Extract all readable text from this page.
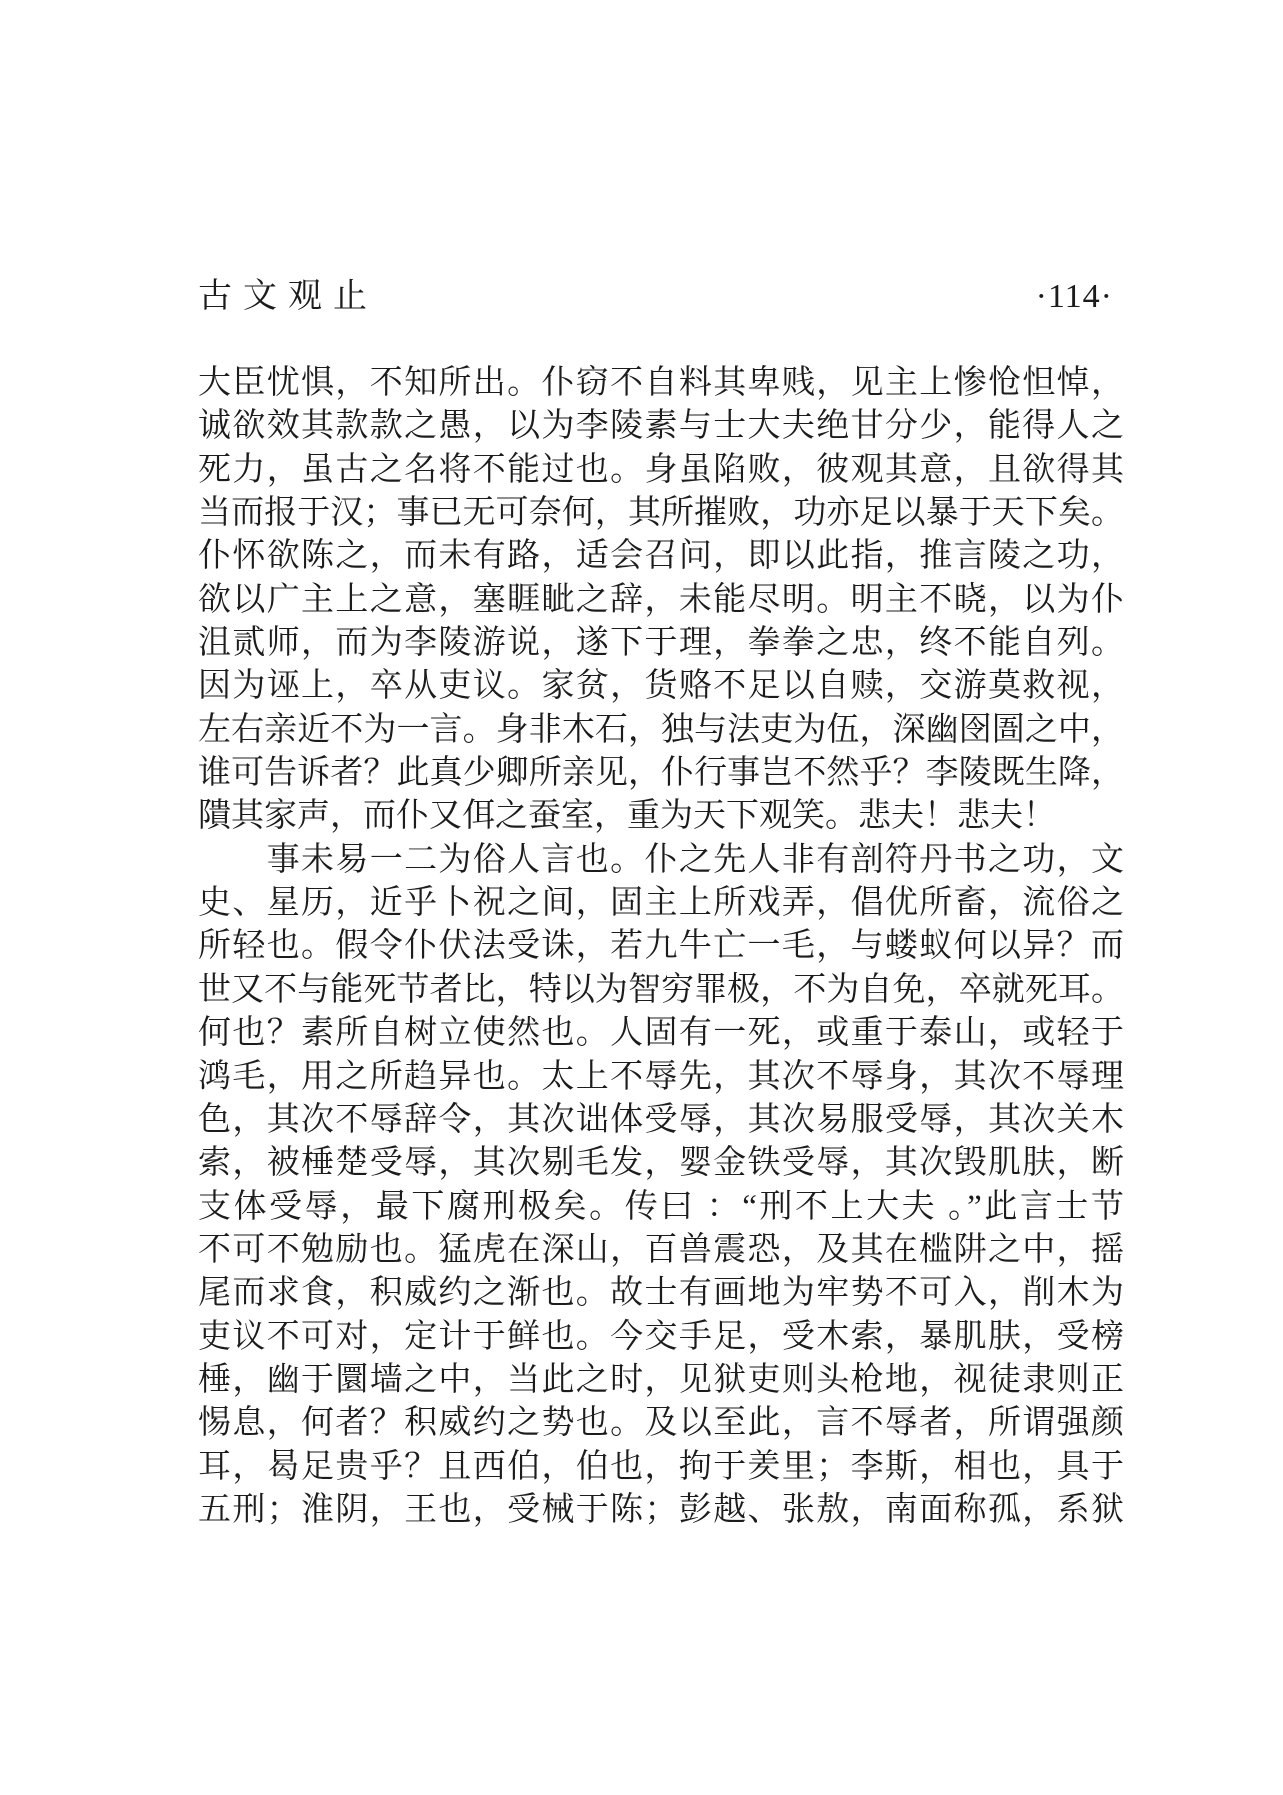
古文观止	·114·
大臣忧惧，不知所出。仆窃不自料其卑贱，见主上惨怆怛悼，
诚欲效其款款之愚，以为李陵素与士大夫绝甘分少，能得人之
死力，虽古之名将不能过也。身虽陷败，彼观其意，且欲得其
当而报于汉；事已无可奈何，其所摧败，功亦足以暴于天下矣。
仆怀欲陈之，而未有路，适会召问，即以此指，推言陵之功，
欲以广主上之意，塞睚眦之辞，未能尽明。明主不晓，以为仆
沮贰师，而为李陵游说，遂下于理，拳拳之忠，终不能自列。
因为诬上，卒从吏议。家贫，货赂不足以自赎，交游莫救视，
左右亲近不为一言。身非木石，独与法吏为伍，深幽囹圄之中，
谁可告诉者？此真少卿所亲见，仆行事岂不然乎？李陵既生降，
隤其家声，而仆又佴之蚕室，重为天下观笑。悲夫！悲夫！
　　事未易一二为俗人言也。仆之先人非有剖符丹书之功，文
史、星历，近乎卜祝之间，固主上所戏弄，倡优所畜，流俗之
所轻也。假令仆伏法受诛，若九牛亡一毛，与蝼蚁何以异？而
世又不与能死节者比，特以为智穷罪极，不为自免，卒就死耳。
何也？素所自树立使然也。人固有一死，或重于泰山，或轻于
鸿毛，用之所趋异也。太上不辱先，其次不辱身，其次不辱理
色，其次不辱辞令，其次诎体受辱，其次易服受辱，其次关木
索，被棰楚受辱，其次剔毛发，婴金铁受辱，其次毁肌肤，断
支体受辱，最下腐刑极矣。传曰 ：“刑不上大夫 。”此言士节
不可不勉励也。猛虎在深山，百兽震恐，及其在槛阱之中，摇
尾而求食，积威约之渐也。故士有画地为牢势不可入，削木为
吏议不可对，定计于鲜也。今交手足，受木索，暴肌肤，受榜
棰，幽于圜墙之中，当此之时，见狱吏则头枪地，视徒隶则正
惕息，何者？积威约之势也。及以至此，言不辱者，所谓强颜
耳，曷足贵乎？且西伯，伯也，拘于羑里；李斯，相也，具于
五刑；淮阴，王也，受械于陈；彭越、张敖，南面称孤，系狱
